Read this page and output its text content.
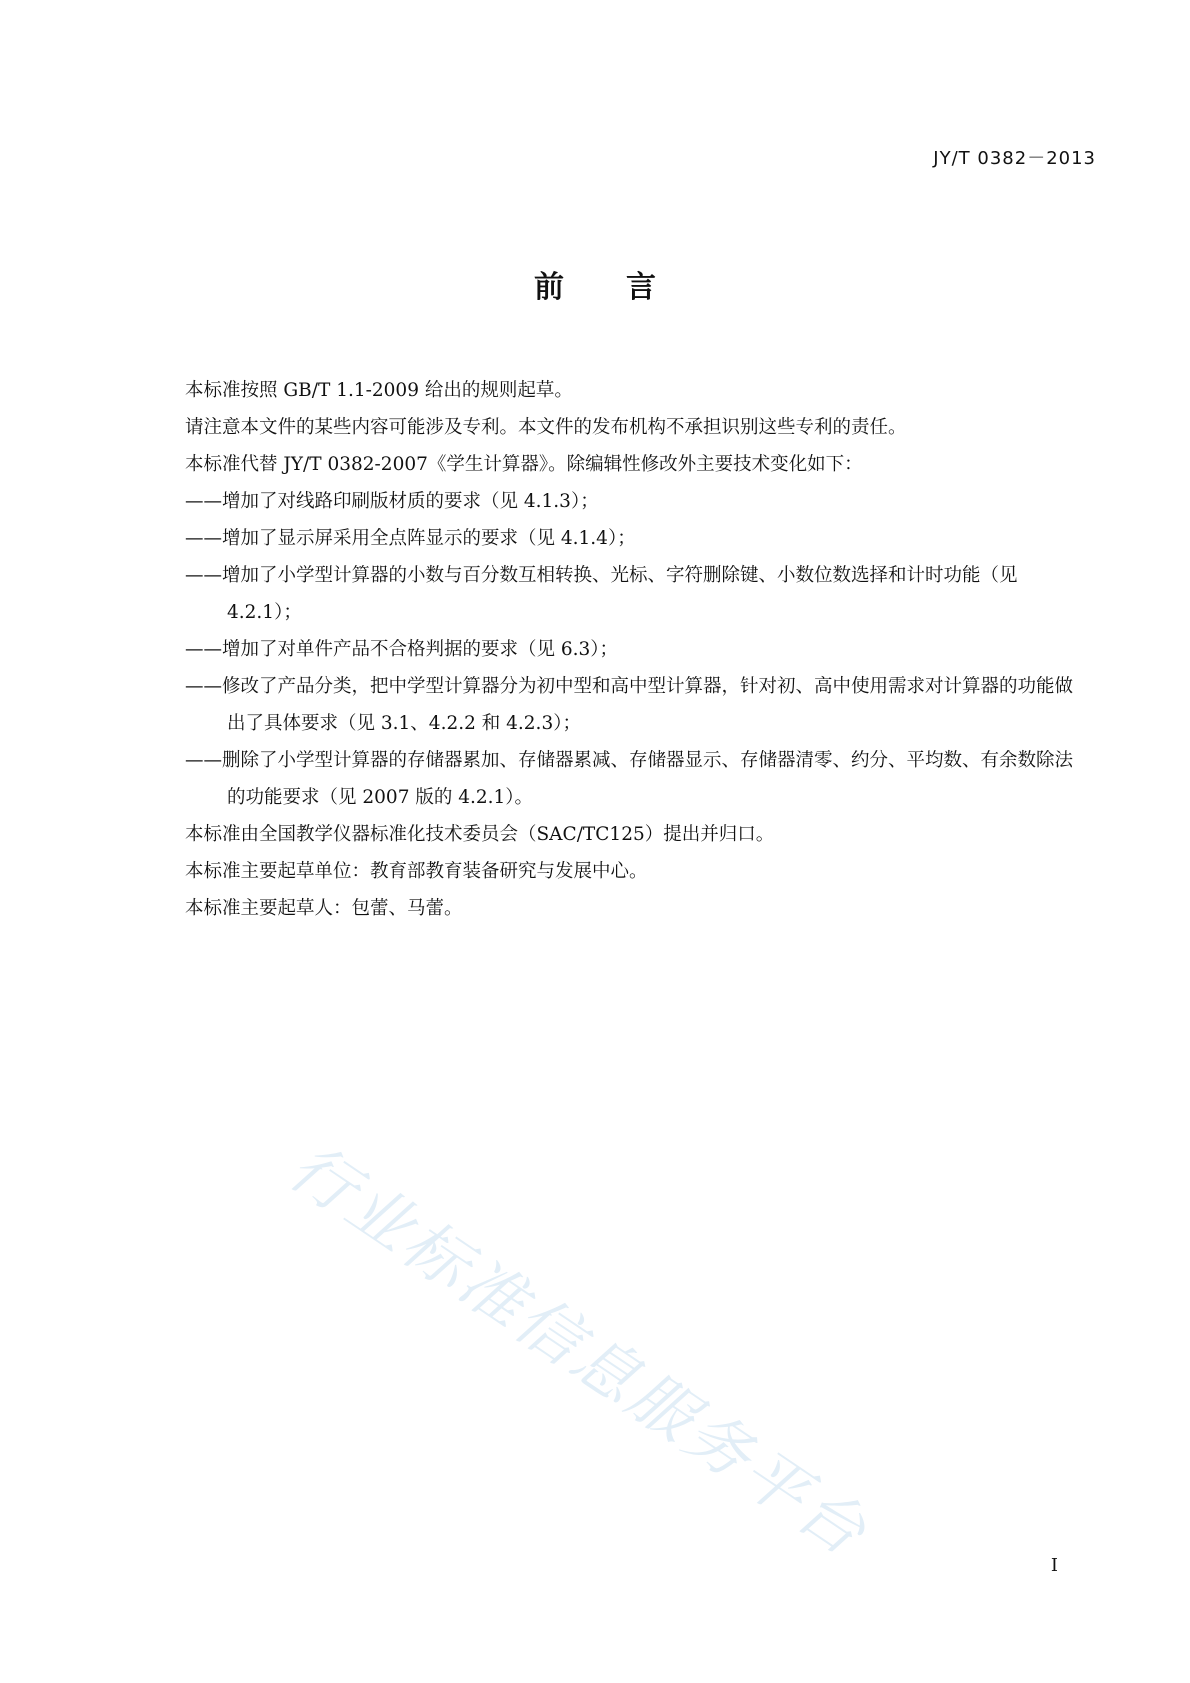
JY/T 0382－2013
前言
本标准按照 GB/T 1.1-2009 给出的规则起草。
请注意本文件的某些内容可能涉及专利。本文件的发布机构不承担识别这些专利的责任。
本标准代替 JY/T 0382-2007《学生计算器》。除编辑性修改外主要技术变化如下：
——增加了对线路印刷版材质的要求（见 4.1.3）；
——增加了显示屏采用全点阵显示的要求（见 4.1.4）；
——增加了小学型计算器的小数与百分数互相转换、光标、字符删除键、小数位数选择和计时功能（见 4.2.1）；
——增加了对单件产品不合格判据的要求（见 6.3）；
——修改了产品分类，把中学型计算器分为初中型和高中型计算器，针对初、高中使用需求对计算器的功能做出了具体要求（见 3.1、4.2.2 和 4.2.3）；
——删除了小学型计算器的存储器累加、存储器累减、存储器显示、存储器清零、约分、平均数、有余数除法的功能要求（见 2007 版的 4.2.1）。
本标准由全国教学仪器标准化技术委员会（SAC/TC125）提出并归口。
本标准主要起草单位：教育部教育装备研究与发展中心。
本标准主要起草人：包蕾、马蕾。
行业标准信息服务平台	I
